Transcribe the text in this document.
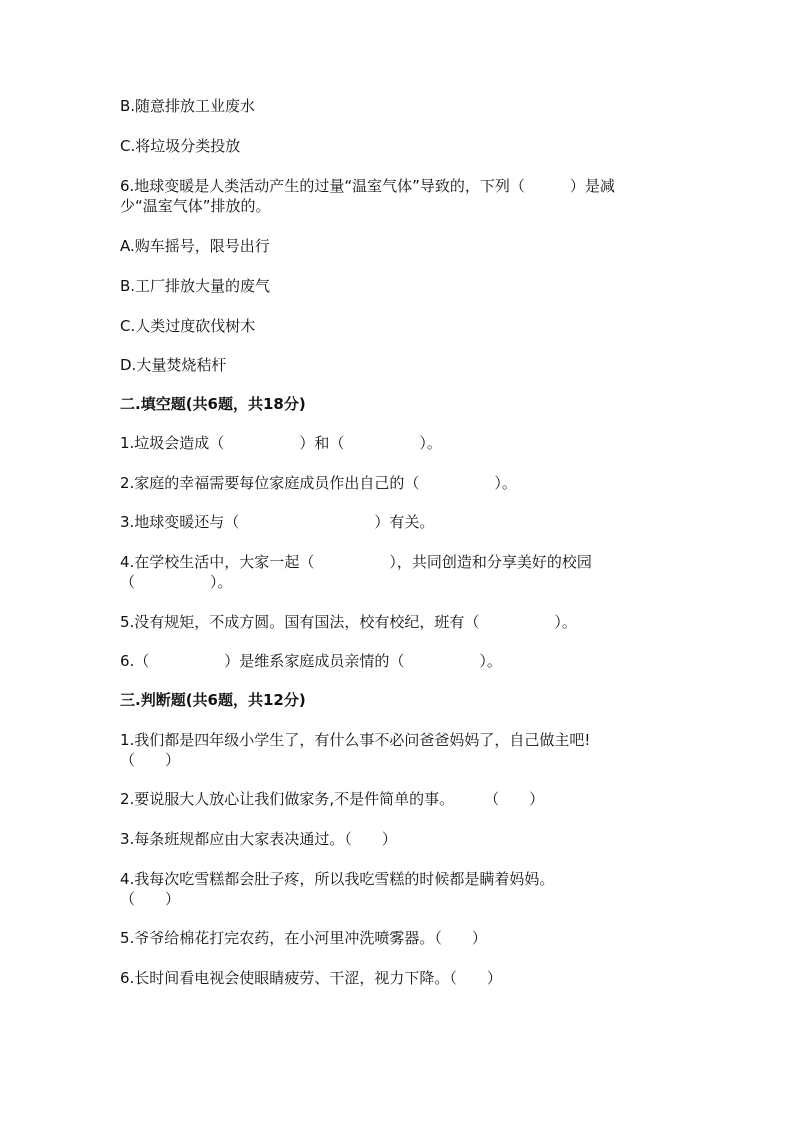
B.随意排放工业废水
C.将垃圾分类投放
6.地球变暖是人类活动产生的过量“温室气体”导致的，下列（　　　）是减
少“温室气体”排放的。
A.购车摇号，限号出行
B.工厂排放大量的废气
C.人类过度砍伐树木
D.大量焚烧秸杆
二.填空题(共6题，共18分)
1.垃圾会造成（　　　　　）和（　　　　　）。
2.家庭的幸福需要每位家庭成员作出自己的（　　　　　）。
3.地球变暖还与（　　　　　　　　　）有关。
4.在学校生活中，大家一起（　　　　　），共同创造和分享美好的校园
（　　　　　）。
5.没有规矩，不成方圆。国有国法，校有校纪，班有（　　　　　）。
6.（　　　　　）是维系家庭成员亲情的（　　　　　）。
三.判断题(共6题，共12分)
1.我们都是四年级小学生了，有什么事不必问爸爸妈妈了，自己做主吧!
（　　）
2.要说服大人放心让我们做家务,不是件简单的事。　　　（　　）
3.每条班规都应由大家表决通过。（　　）
4.我每次吃雪糕都会肚子疼，所以我吃雪糕的时候都是瞒着妈妈。
（　　）
5.爷爷给棉花打完农药，在小河里冲洗喷雾器。（　　）
6.长时间看电视会使眼睛疲劳、干涩，视力下降。（　　）
